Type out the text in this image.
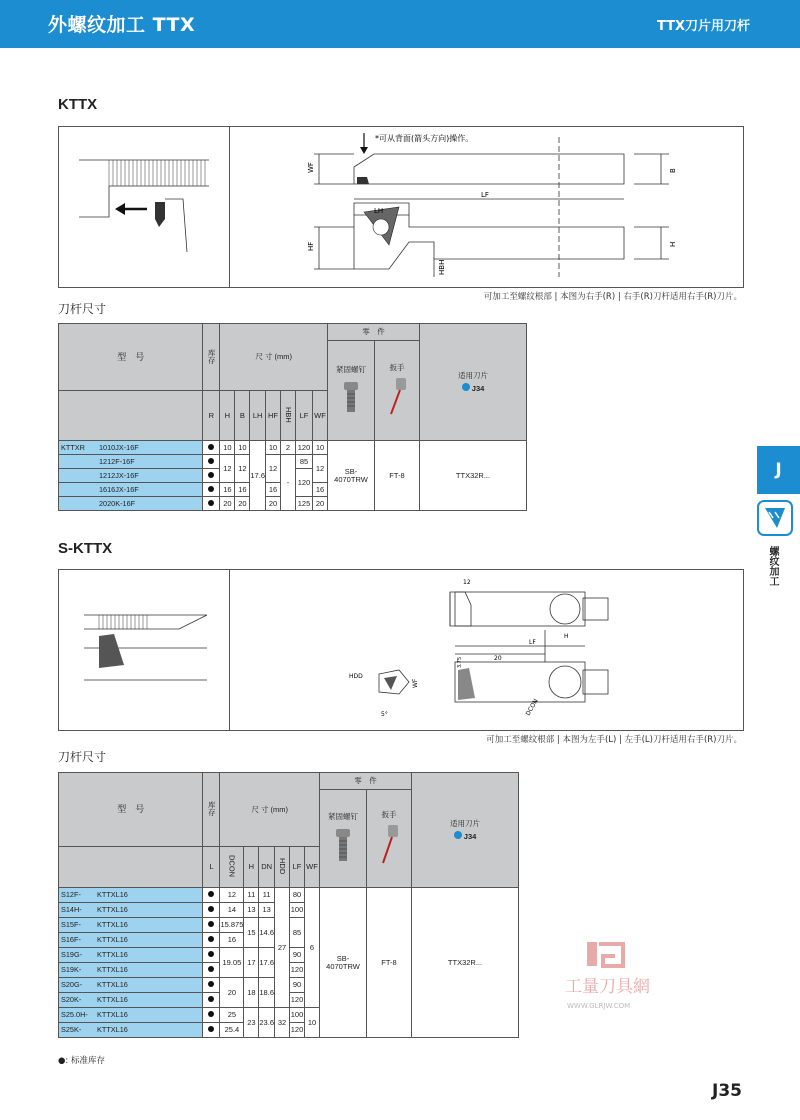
外螺纹加工 TTX	TTX刀片用刀杆
KTTX
*可从背面(箭头方向)操作。
WF	B
LF
LH
HF	H
HBH
可加工至螺纹根部 | 本图为右手(R) | 右手(R)刀杆适用右手(R)刀片。
刀杆尺寸
型　号		库存	尺 寸 (mm)							零　件		适用刀片
J34

										紧固螺钉	扳手	

		R	H	B	LH	HF	HBH	LF	WF			
KTTXR	1010JX-16F		10	10	17.6	10	2	120	10	SB-4070TRW	FT-8	TTX32R...
	1212F-16F		12	12		12	-	85	12			
	1212JX-16F							120				
	1616JX-16F		16	16		16			16			
	2020K-16F		20	20		20		125	20			
S-KTTX
12
LF
H
20
3.75
WF
HDD
DCON
5°
可加工至螺纹根部 | 本图为左手(L) | 左手(L)刀杆适用右手(R)刀片。
刀杆尺寸
型　号		库存	尺 寸 (mm)						零　件		适用刀片
J34

									紧固螺钉	扳手	

		L	DCON	H	DN	HDD	LF	WF			
S12F-	KTTXL16		12	11	11	27	80	6	SB-4070TRW	FT-8	TTX32R...
S14H-	KTTXL16		14	13	13		100				
S15F-	KTTXL16		15.875	15	14.6		85				
S16F-	KTTXL16		16								
S19G-	KTTXL16		19.05	17	17.6		90				
S19K-	KTTXL16						120				
S20G-	KTTXL16		20	18	18.6		90				
S20K-	KTTXL16						120				
S25.0H-	KTTXL16		25	23	23.6	32	100	10			
S25K-	KTTXL16		25.4				120				
J
螺纹加工
工量刀具網
WWW.GLRJW.COM
●: 标准库存
J35
